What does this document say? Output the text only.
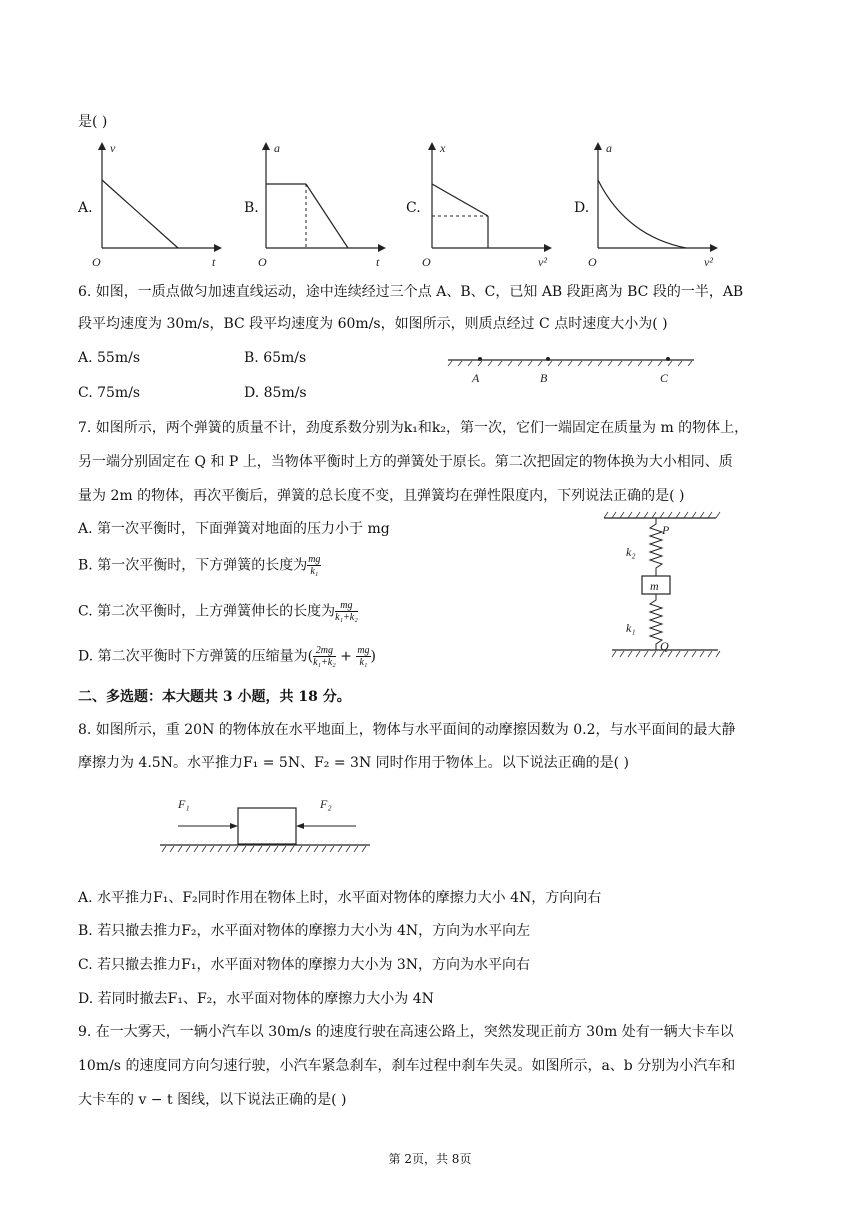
是( )
A.
v
t
O
B.
a
t
O
C.
x
v²
O
D.
a
v²
O
6. 如图，一质点做匀加速直线运动，途中连续经过三个点 A、B、C，已知 AB 段距离为 BC 段的一半，AB
段平均速度为 30m/s，BC 段平均速度为 60m/s，如图所示，则质点经过 C 点时速度大小为( )
A. 55m/s	B. 65m/s
C. 75m/s	D. 85m/s
A	B	C
7. 如图所示，两个弹簧的质量不计，劲度系数分别为k₁和k₂，第一次，它们一端固定在质量为 m 的物体上，
另一端分别固定在 Q 和 P 上，当物体平衡时上方的弹簧处于原长。第二次把固定的物体换为大小相同、质
量为 2m 的物体，再次平衡后，弹簧的总长度不变，且弹簧均在弹性限度内，下列说法正确的是( )
A. 第一次平衡时，下面弹簧对地面的压力小于 mg
B. 第一次平衡时，下方弹簧的长度为 $\frac{mg}{\text{k₁}}$
C. 第二次平衡时，上方弹簧伸长的长度为 $\frac{mg}{\text{k₁+k₂}}$
D. 第二次平衡时下方弹簧的压缩量为( $\frac{2mg}{\text{k₁+k₂}} + \frac{mg}{\text{k₁}}$ )
P
k₂
m
k₁
Q
二、多选题：本大题共 3 小题，共 18 分。
8. 如图所示，重 20N 的物体放在水平地面上，物体与水平面间的动摩擦因数为 0.2，与水平面间的最大静
摩擦力为 4.5N。水平推力F₁ = 5N、F₂ = 3N 同时作用于物体上。以下说法正确的是( )
F₁	F₂
A. 水平推力F₁、F₂同时作用在物体上时，水平面对物体的摩擦力大小 4N，方向向右
B. 若只撤去推力F₂，水平面对物体的摩擦力大小为 4N，方向为水平向左
C. 若只撤去推力F₁，水平面对物体的摩擦力大小为 3N，方向为水平向右
D. 若同时撤去F₁、F₂，水平面对物体的摩擦力大小为 4N
9. 在一大雾天，一辆小汽车以 30m/s 的速度行驶在高速公路上，突然发现正前方 30m 处有一辆大卡车以
10m/s 的速度同方向匀速行驶，小汽车紧急刹车，刹车过程中刹车失灵。如图所示，a、b 分别为小汽车和
大卡车的 v − t 图线，以下说法正确的是( )
第 2页，共 8页
